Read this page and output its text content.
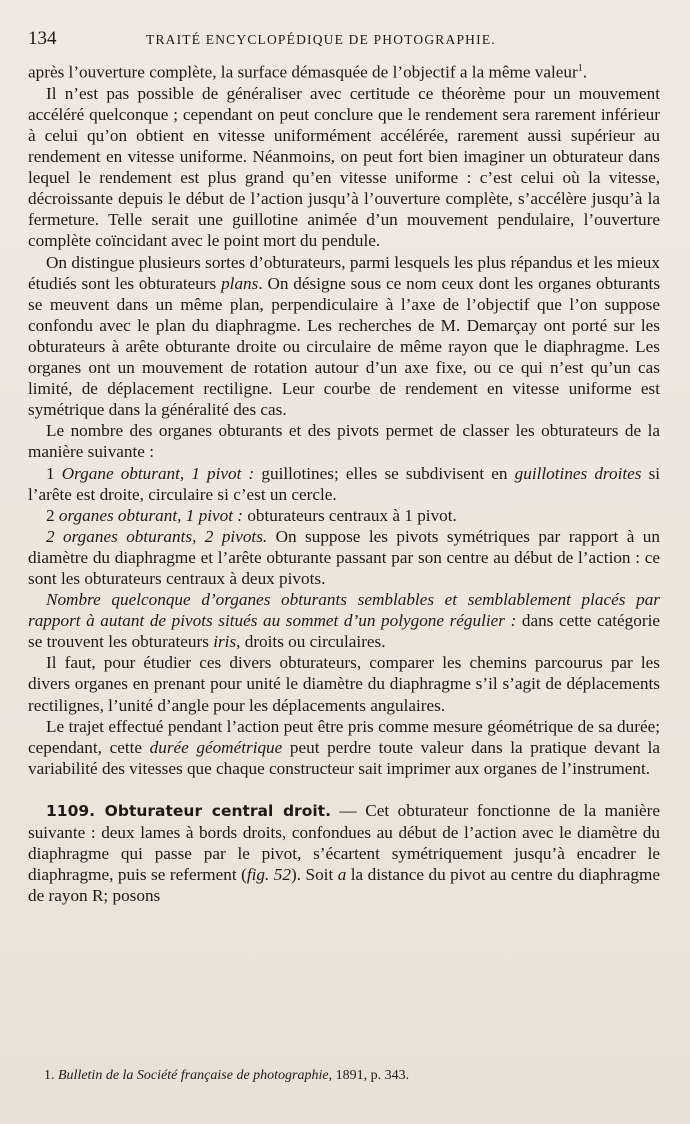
134	TRAITÉ ENCYCLOPÉDIQUE DE PHOTOGRAPHIE.

après l’ouverture complète, la surface démasquée de l’objectif a la même valeur$^1$.

Il n’est pas possible de généraliser avec certitude ce théorème pour un mouvement accéléré quelconque ; cependant on peut conclure que le rendement sera rarement inférieur à celui qu’on obtient en vitesse uniformément accélérée, rarement aussi supérieur au rendement en vitesse uniforme. Néanmoins, on peut fort bien imaginer un obturateur dans lequel le rendement est plus grand qu’en vitesse uniforme : c’est celui où la vitesse, décroissante depuis le début de l’action jusqu’à l’ouverture complète, s’accélère jusqu’à la fermeture. Telle serait une guillotine animée d’un mouvement pendulaire, l’ouverture complète coïncidant avec le point mort du pendule.

On distingue plusieurs sortes d’obturateurs, parmi lesquels les plus répandus et les mieux étudiés sont les obturateurs plans. On désigne sous ce nom ceux dont les organes obturants se meuvent dans un même plan, perpendiculaire à l’axe de l’objectif que l’on suppose confondu avec le plan du diaphragme. Les recherches de M. Demarçay ont porté sur les obturateurs à arête obturante droite ou circulaire de même rayon que le diaphragme. Les organes ont un mouvement de rotation autour d’un axe fixe, ou ce qui n’est qu’un cas limité, de déplacement rectiligne. Leur courbe de rendement en vitesse uniforme est symétrique dans la généralité des cas.

Le nombre des organes obturants et des pivots permet de classer les obturateurs de la manière suivante :

1 Organe obturant, 1 pivot : guillotines; elles se subdivisent en guillotines droites si l’arête est droite, circulaire si c’est un cercle.

2 organes obturant, 1 pivot : obturateurs centraux à 1 pivot.

2 organes obturants, 2 pivots. On suppose les pivots symétriques par rapport à un diamètre du diaphragme et l’arête obturante passant par son centre au début de l’action : ce sont les obturateurs centraux à deux pivots.

Nombre quelconque d’organes obturants semblables et semblablement placés par rapport à autant de pivots situés au sommet d’un polygone régulier : dans cette catégorie se trouvent les obturateurs iris, droits ou circulaires.

Il faut, pour étudier ces divers obturateurs, comparer les chemins parcourus par les divers organes en prenant pour unité le diamètre du diaphragme s’il s’agit de déplacements rectilignes, l’unité d’angle pour les déplacements angulaires.

Le trajet effectué pendant l’action peut être pris comme mesure géométrique de sa durée; cependant, cette durée géométrique peut perdre toute valeur dans la pratique devant la variabilité des vitesses que chaque constructeur sait imprimer aux organes de l’instrument.

1109. Obturateur central droit. — Cet obturateur fonctionne de la manière suivante : deux lames à bords droits, confondues au début de l’action avec le diamètre du diaphragme qui passe par le pivot, s’écartent symétriquement jusqu’à encadrer le diaphragme, puis se referment (fig. 52). Soit a la distance du pivot au centre du diaphragme de rayon R; posons

1. Bulletin de la Société française de photographie, 1891, p. 343.
